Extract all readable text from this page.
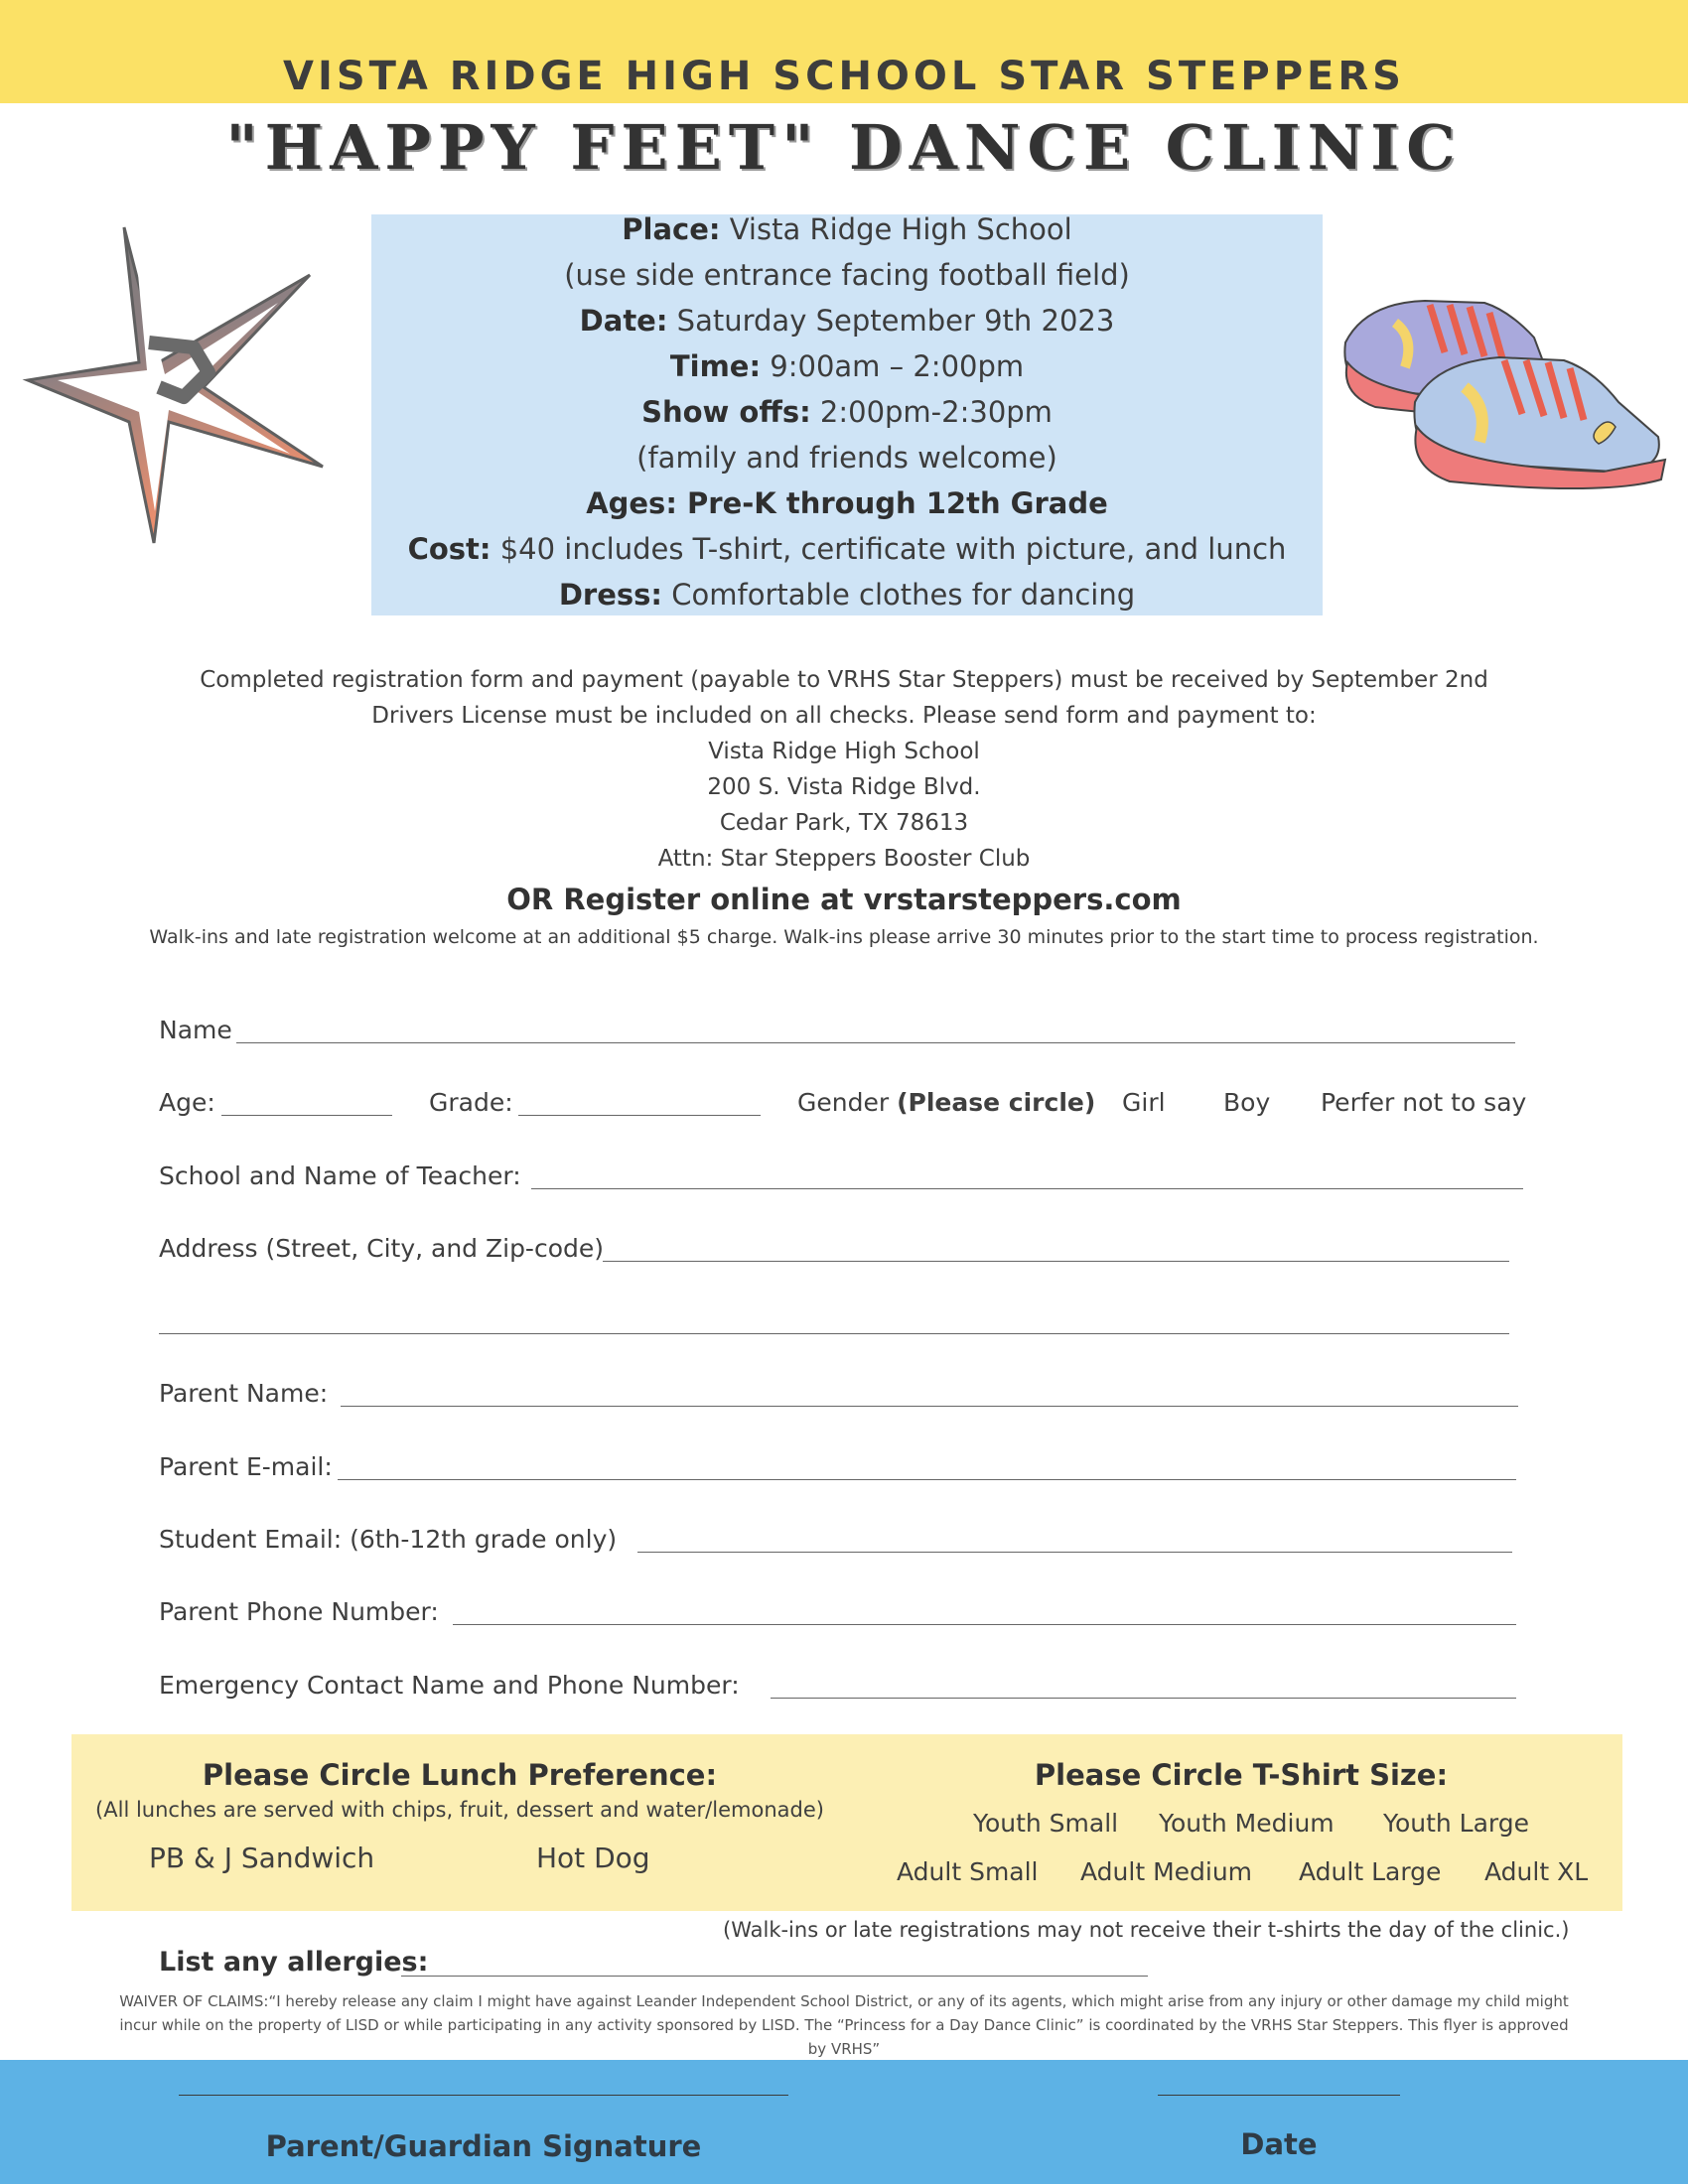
VISTA RIDGE HIGH SCHOOL STAR STEPPERS
"HAPPY FEET" DANCE CLINIC
Place: Vista Ridge High School
(use side entrance facing football field)
Date: Saturday September 9th 2023
Time: 9:00am – 2:00pm
Show offs: 2:00pm-2:30pm
(family and friends welcome)
Ages: Pre-K through 12th Grade
Cost: $40 includes T-shirt, certificate with picture, and lunch
Dress: Comfortable clothes for dancing
Completed registration form and payment (payable to VRHS Star Steppers) must be received by September 2nd
Drivers License must be included on all checks. Please send form and payment to:
Vista Ridge High School
200 S. Vista Ridge Blvd.
Cedar Park, TX 78613
Attn: Star Steppers Booster Club
OR Register online at vrstarsteppers.com
Walk-ins and late registration welcome at an additional $5 charge. Walk-ins please arrive 30 minutes prior to the start time to process registration.
Name
Age:	Grade:	Gender (Please circle) Girl Boy Perfer not to say
School and Name of Teacher:
Address (Street, City, and Zip-code)
Parent Name:
Parent E-mail:
Student Email: (6th-12th grade only)
Parent Phone Number:
Emergency Contact Name and Phone Number:
Please Circle Lunch Preference:
(All lunches are served with chips, fruit, dessert and water/lemonade)
PB & J Sandwich	Hot Dog
Please Circle T-Shirt Size:
Youth Small Youth Medium Youth Large
Adult Small Adult Medium Adult Large Adult XL
(Walk-ins or late registrations may not receive their t-shirts the day of the clinic.)
List any allergies:
WAIVER OF CLAIMS:“I hereby release any claim I might have against Leander Independent School District, or any of its agents, which might arise from any injury or other damage my child might incur while on the property of LISD or while participating in any activity sponsored by LISD. The “Princess for a Day Dance Clinic” is coordinated by the VRHS Star Steppers. This flyer is approved by VRHS”
Parent/Guardian Signature	Date
